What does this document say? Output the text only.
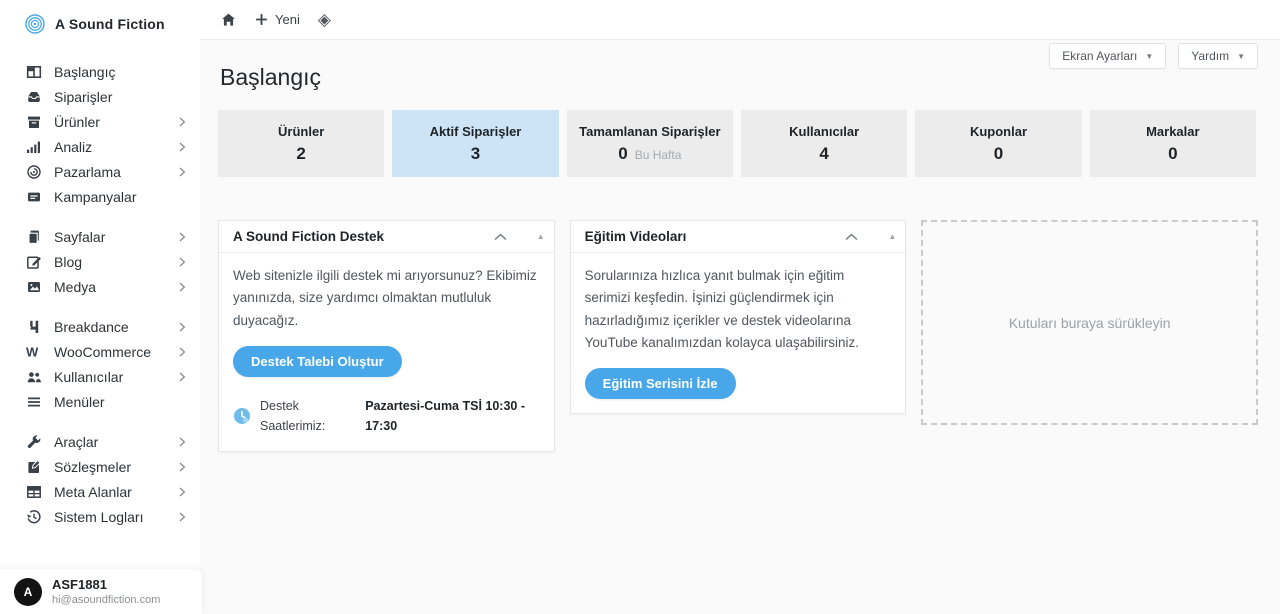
A Sound Fiction
Başlangıç
Siparişler
Ürünler
Analiz
Pazarlama
Kampanyalar
Sayfalar
Blog
Medya
Breakdance
W WooCommerce
Kullanıcılar
Menüler
Araçlar
Sözleşmeler
Meta Alanlar
Sistem Logları
Yeni ◈
Ekran Ayarları ▼	Yardım ▼
Başlangıç
Ürünler
2
Aktif Siparişler
3
Tamamlanan Siparişler
0 Bu Hafta
Kullanıcılar
4
Kuponlar
0
Markalar
0
A Sound Fiction Destek	▲

Web sitenizle ilgili destek mi arıyorsunuz? Ekibimiz yanınızda, size yardımcı olmaktan mutluluk duyacağız.

Destek Talebi Oluştur
Destek Saatlerimiz:
Pazartesi-Cuma TSİ 10:30 - 17:30
Eğitim Videoları	▲

Sorularınıza hızlıca yanıt bulmak için eğitim serimizi keşfedin. İşinizi güçlendirmek için hazırladığımız içerikler ve destek videolarına YouTube kanalımızdan kolayca ulaşabilirsiniz.

Eğitim Serisini İzle
Kutuları buraya sürükleyin
A	ASF1881
hi@asoundfiction.com
